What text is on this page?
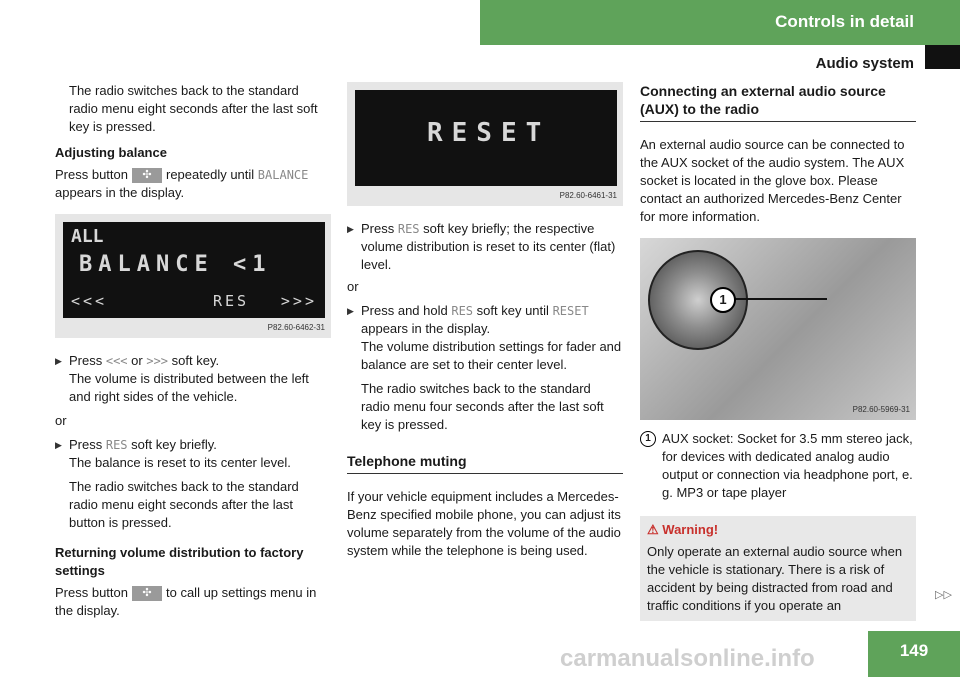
Controls in detail
Audio system

The radio switches back to the standard radio menu eight seconds after the last soft key is pressed.

Adjusting balance

Press button ✣ repeatedly until BALANCE appears in the display.

ALL
BALANCE <1
<<<	RES >>>
P82.60-6462-31
▶ Press <<< or >>> soft key.
The volume is distributed between the left and right sides of the vehicle.

or

▶ Press RES soft key briefly.
The balance is reset to its center level.

The radio switches back to the standard radio menu eight seconds after the last button is pressed.

Returning volume distribution to factory settings

Press button ✣ to call up settings menu in the display.

RESET
P82.60-6461-31
▶ Press RES soft key briefly; the respective volume distribution is reset to its center (flat) level.

or

▶ Press and hold RES soft key until RESET appears in the display.
The volume distribution settings for fader and balance are set to their center level.

The radio switches back to the standard radio menu four seconds after the last soft key is pressed.

Telephone muting

If your vehicle equipment includes a Mercedes-Benz specified mobile phone, you can adjust its volume separately from the volume of the audio system while the telephone is being used.

Connecting an external audio source (AUX) to the radio

An external audio source can be connected to the AUX socket of the audio system. The AUX socket is located in the glove box. Please contact an authorized Mercedes-Benz Center for more information.

1
P82.60-5969-31
1 AUX socket: Socket for 3.5 mm stereo jack, for devices with dedicated analog audio output or connection via headphone port, e. g. MP3 or tape player
⚠ Warning!
Only operate an external audio source when the vehicle is stationary. There is a risk of accident by being distracted from road and traffic conditions if you operate an
▷▷
carmanualsonline.info	149
